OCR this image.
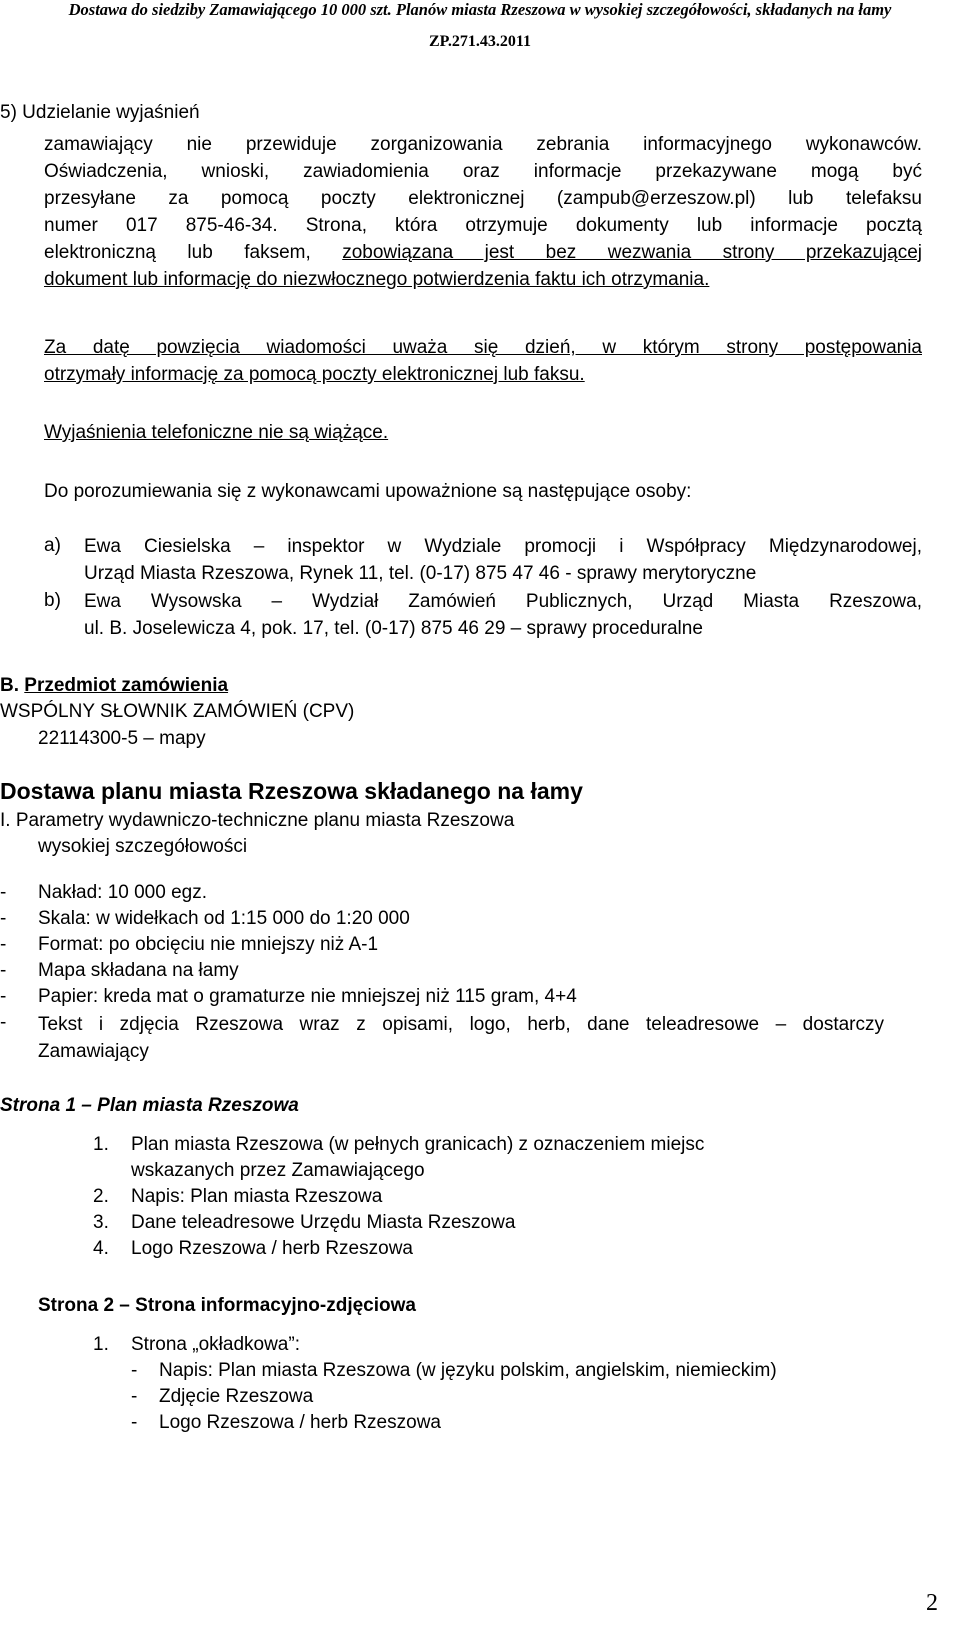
Dostawa do siedziby Zamawiającego 10 000 szt. Planów miasta Rzeszowa w wysokiej szczegółowości, składanych na łamy
ZP.271.43.2011
5) Udzielanie wyjaśnień
zamawiający nie przewiduje zorganizowania zebrania informacyjnego wykonawców.
Oświadczenia, wnioski, zawiadomienia oraz informacje przekazywane mogą być
przesyłane za pomocą poczty elektronicznej (zampub@erzeszow.pl) lub telefaksu
numer 017 875-46-34. Strona, która otrzymuje dokumenty lub informacje pocztą
elektroniczną lub faksem, zobowiązana jest bez wezwania strony przekazującej
dokument lub informację do niezwłocznego potwierdzenia faktu ich otrzymania.
Za datę powzięcia wiadomości uważa się dzień, w którym strony postępowania
otrzymały informację za pomocą poczty elektronicznej lub faksu.
Wyjaśnienia telefoniczne nie są wiążące.
Do porozumiewania się z wykonawcami upoważnione są następujące osoby:
a) Ewa Ciesielska – inspektor w Wydziale promocji i Współpracy Międzynarodowej,
Urząd Miasta Rzeszowa, Rynek 11, tel. (0-17) 875 47 46 - sprawy merytoryczne
b) Ewa Wysowska – Wydział Zamówień Publicznych, Urząd Miasta Rzeszowa,
ul. B. Joselewicza 4, pok. 17, tel. (0-17) 875 46 29 – sprawy proceduralne
B. Przedmiot zamówienia
WSPÓLNY SŁOWNIK ZAMÓWIEŃ (CPV)
22114300-5 – mapy
Dostawa planu miasta Rzeszowa składanego na łamy
I. Parametry wydawniczo-techniczne planu miasta Rzeszowa
wysokiej szczegółowości
- Nakład: 10 000 egz.
- Skala: w widełkach od 1:15 000 do 1:20 000
- Format: po obcięciu nie mniejszy niż A-1
- Mapa składana na łamy
- Papier: kreda mat o gramaturze nie mniejszej niż 115 gram, 4+4
- Tekst i zdjęcia Rzeszowa wraz z opisami, logo, herb, dane teleadresowe – dostarczy
Zamawiający
Strona 1 – Plan miasta Rzeszowa
1. Plan miasta Rzeszowa (w pełnych granicach) z oznaczeniem miejsc
wskazanych przez Zamawiającego
2. Napis: Plan miasta Rzeszowa
3. Dane teleadresowe Urzędu Miasta Rzeszowa
4. Logo Rzeszowa / herb Rzeszowa
Strona 2 – Strona informacyjno-zdjęciowa
1. Strona „okładkowa”:
- Napis: Plan miasta Rzeszowa (w języku polskim, angielskim, niemieckim)
- Zdjęcie Rzeszowa
- Logo Rzeszowa / herb Rzeszowa
2
